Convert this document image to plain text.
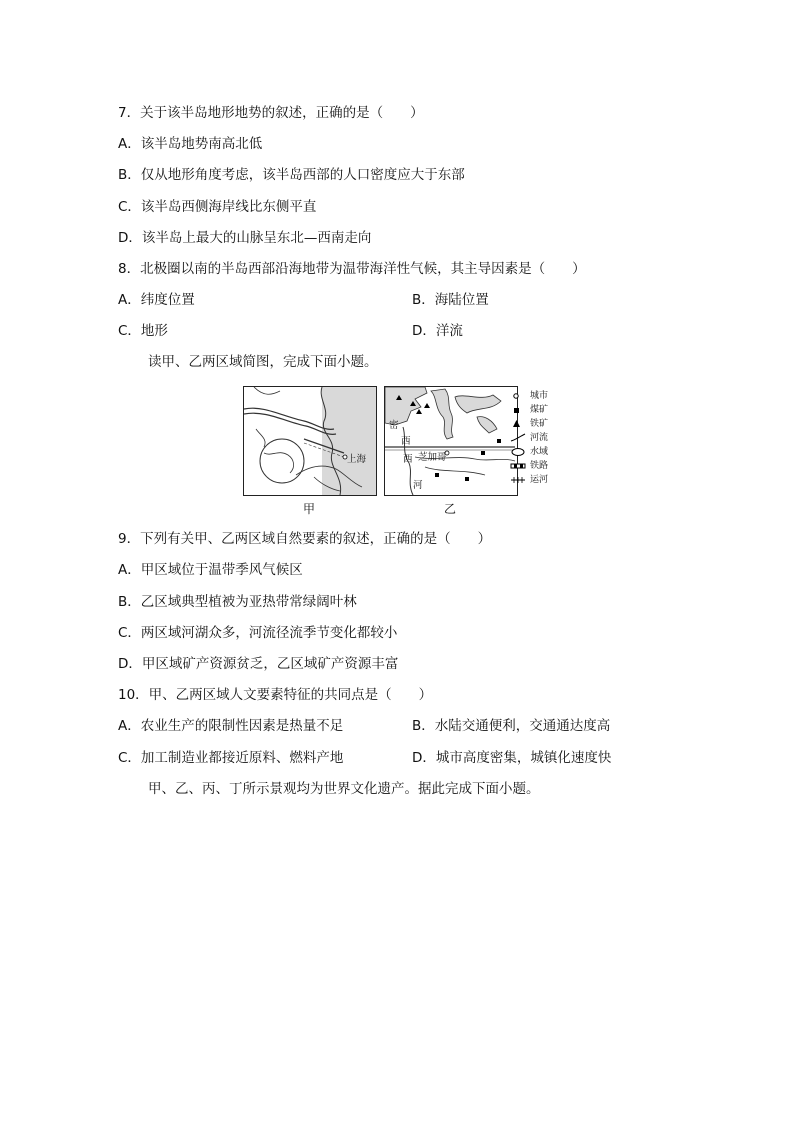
7．关于该半岛地形地势的叙述，正确的是（　　）
A．该半岛地势南高北低
B．仅从地形角度考虑，该半岛西部的人口密度应大于东部
C．该半岛西侧海岸线比东侧平直
D．该半岛上最大的山脉呈东北—西南走向
8．北极圈以南的半岛西部沿海地带为温带海洋性气候，其主导因素是（　　）
A．纬度位置	B．海陆位置
C．地形	D．洋流
读甲、乙两区域简图，完成下面小题。
上海
甲
密
西
西
河
芝加哥
乙
城市
煤矿
铁矿
河流
水域
铁路
运河
9．下列有关甲、乙两区域自然要素的叙述，正确的是（　　）
A．甲区域位于温带季风气候区
B．乙区域典型植被为亚热带常绿阔叶林
C．两区域河湖众多，河流径流季节变化都较小
D．甲区域矿产资源贫乏，乙区域矿产资源丰富
10．甲、乙两区域人文要素特征的共同点是（　　）
A．农业生产的限制性因素是热量不足	B．水陆交通便利，交通通达度高
C．加工制造业都接近原料、燃料产地	D．城市高度密集，城镇化速度快
甲、乙、丙、丁所示景观均为世界文化遗产。据此完成下面小题。
